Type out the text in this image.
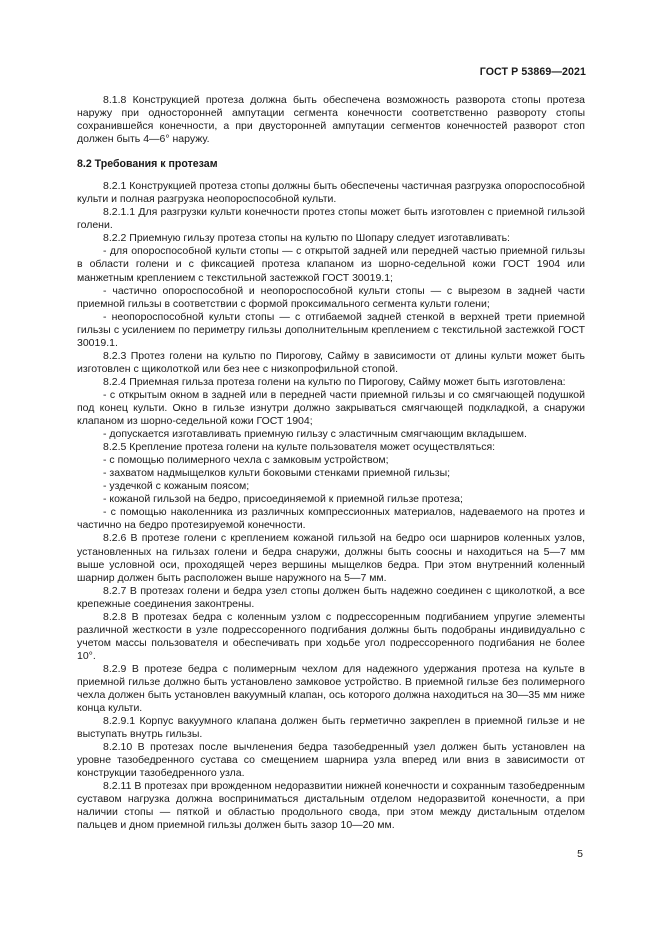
ГОСТ Р 53869—2021

8.1.8 Конструкцией протеза должна быть обеспечена возможность разворота стопы протеза наружу при односторонней ампутации сегмента конечности соответственно развороту стопы сохранившейся конечности, а при двусторонней ампутации сегментов конечностей разворот стоп должен быть 4—6° наружу.

8.2 Требования к протезам

8.2.1 Конструкцией протеза стопы должны быть обеспечены частичная разгрузка опороспособной культи и полная разгрузка неопороспособной культи.

8.2.1.1 Для разгрузки культи конечности протез стопы может быть изготовлен с приемной гильзой голени.

8.2.2 Приемную гильзу протеза стопы на культю по Шопару следует изготавливать:

- для опороспособной культи стопы — с открытой задней или передней частью приемной гильзы в области голени и с фиксацией протеза клапаном из шорно-седельной кожи ГОСТ 1904 или манжетным креплением с текстильной застежкой ГОСТ 30019.1;

- частично опороспособной и неопороспособной культи стопы — с вырезом в задней части приемной гильзы в соответствии с формой проксимального сегмента культи голени;

- неопороспособной культи стопы — с отгибаемой задней стенкой в верхней трети приемной гильзы с усилением по периметру гильзы дополнительным креплением с текстильной застежкой ГОСТ 30019.1.

8.2.3 Протез голени на культю по Пирогову, Сайму в зависимости от длины культи может быть изготовлен с щиколоткой или без нее с низкопрофильной стопой.

8.2.4 Приемная гильза протеза голени на культю по Пирогову, Сайму может быть изготовлена:

- с открытым окном в задней или в передней части приемной гильзы и со смягчающей подушкой под конец культи. Окно в гильзе изнутри должно закрываться смягчающей подкладкой, а снаружи клапаном из шорно-седельной кожи ГОСТ 1904;

- допускается изготавливать приемную гильзу с эластичным смягчающим вкладышем.

8.2.5 Крепление протеза голени на культе пользователя может осуществляться:

- с помощью полимерного чехла с замковым устройством;

- захватом надмыщелков культи боковыми стенками приемной гильзы;

- уздечкой с кожаным поясом;

- кожаной гильзой на бедро, присоединяемой к приемной гильзе протеза;

- с помощью наколенника из различных компрессионных материалов, надеваемого на протез и частично на бедро протезируемой конечности.

8.2.6 В протезе голени с креплением кожаной гильзой на бедро оси шарниров коленных узлов, установленных на гильзах голени и бедра снаружи, должны быть соосны и находиться на 5—7 мм выше условной оси, проходящей через вершины мыщелков бедра. При этом внутренний коленный шарнир должен быть расположен выше наружного на 5—7 мм.

8.2.7 В протезах голени и бедра узел стопы должен быть надежно соединен с щиколоткой, а все крепежные соединения законтрены.

8.2.8 В протезах бедра с коленным узлом с подрессоренным подгибанием упругие элементы различной жесткости в узле подрессоренного подгибания должны быть подобраны индивидуально с учетом массы пользователя и обеспечивать при ходьбе угол подрессоренного подгибания не более 10°.

8.2.9 В протезе бедра с полимерным чехлом для надежного удержания протеза на культе в приемной гильзе должно быть установлено замковое устройство. В приемной гильзе без полимерного чехла должен быть установлен вакуумный клапан, ось которого должна находиться на 30—35 мм ниже конца культи.

8.2.9.1 Корпус вакуумного клапана должен быть герметично закреплен в приемной гильзе и не выступать внутрь гильзы.

8.2.10 В протезах после вычленения бедра тазобедренный узел должен быть установлен на уровне тазобедренного сустава со смещением шарнира узла вперед или вниз в зависимости от конструкции тазобедренного узла.

8.2.11 В протезах при врожденном недоразвитии нижней конечности и сохранным тазобедренным суставом нагрузка должна восприниматься дистальным отделом недоразвитой конечности, а при наличии стопы — пяткой и областью продольного свода, при этом между дистальным отделом пальцев и дном приемной гильзы должен быть зазор 10—20 мм.

5
